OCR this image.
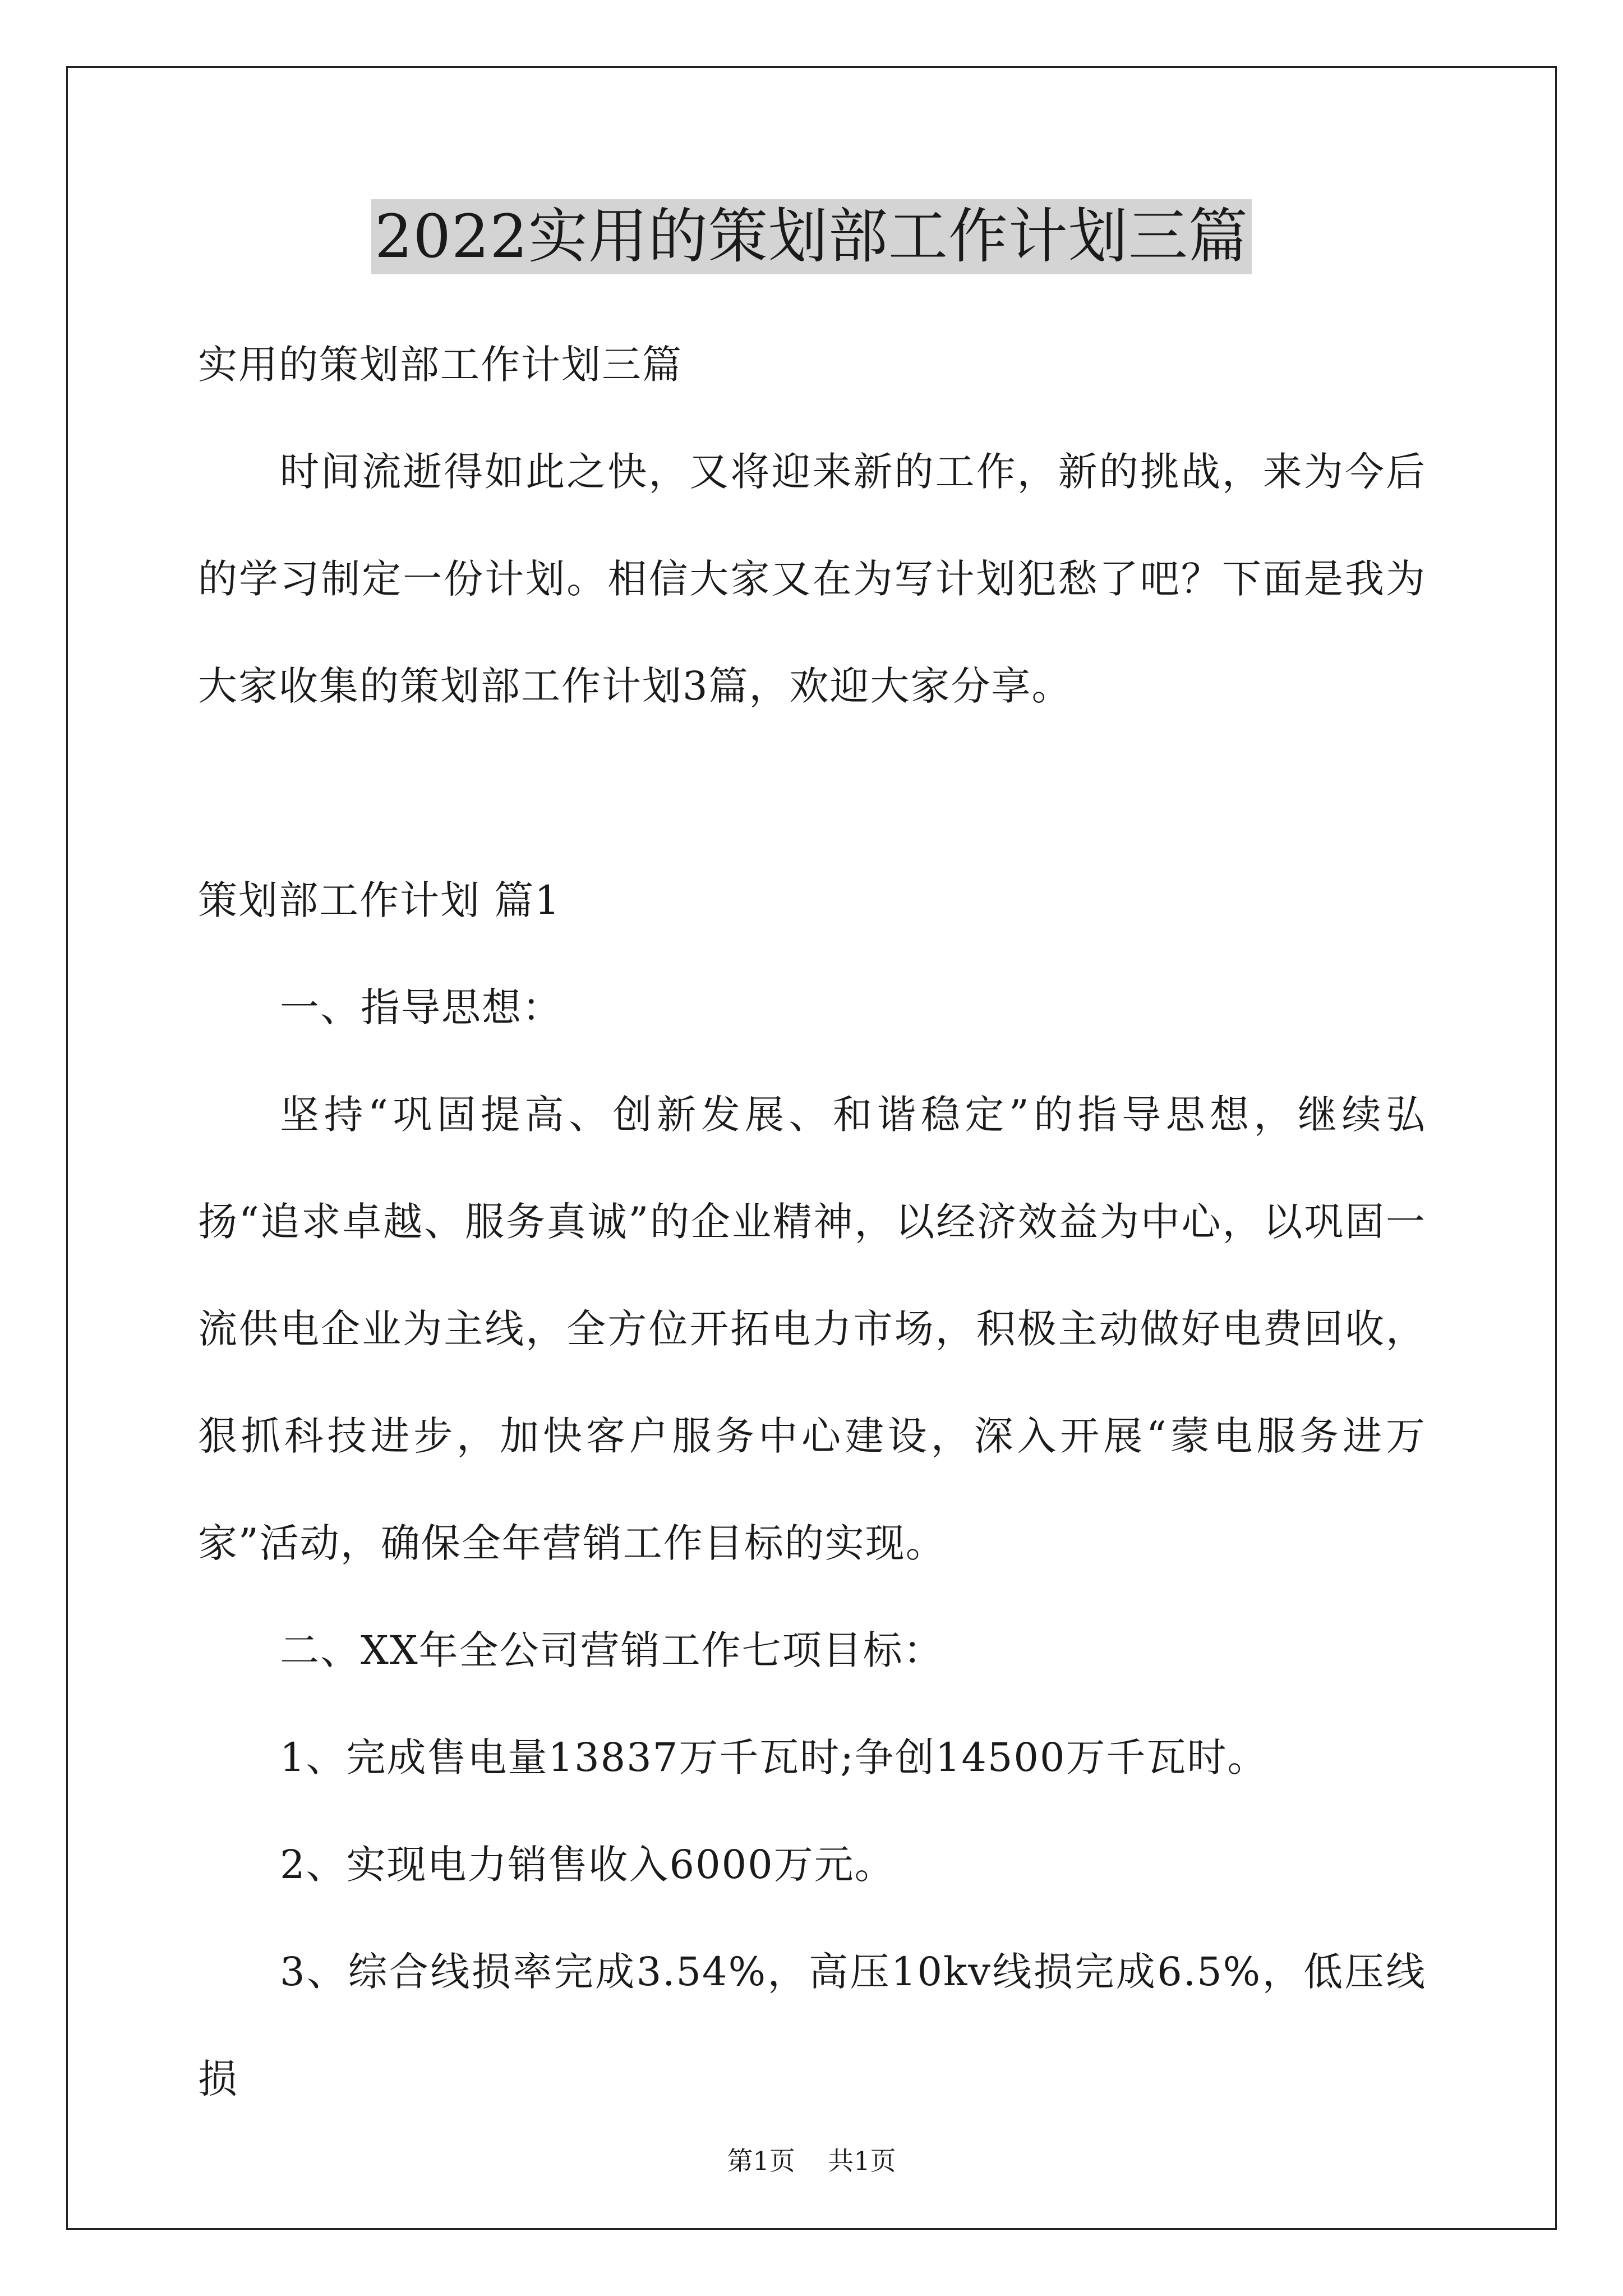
2022实用的策划部工作计划三篇

实用的策划部工作计划三篇

时间流逝得如此之快，又将迎来新的工作，新的挑战，来为今后的学习制定一份计划。相信大家又在为写计划犯愁了吧？下面是我为大家收集的策划部工作计划3篇，欢迎大家分享。

策划部工作计划 篇1

一、指导思想：

坚持“巩固提高、创新发展、和谐稳定”的指导思想，继续弘扬“追求卓越、服务真诚”的企业精神，以经济效益为中心，以巩固一流供电企业为主线，全方位开拓电力市场，积极主动做好电费回收，狠抓科技进步，加快客户服务中心建设，深入开展“蒙电服务进万家”活动，确保全年营销工作目标的实现。

二、XX年全公司营销工作七项目标：

1、完成售电量13837万千瓦时;争创14500万千瓦时。

2、实现电力销售收入6000万元。

3、综合线损率完成3.54%，高压10kv线损完成6.5%，低压线损

第1页    共1页
